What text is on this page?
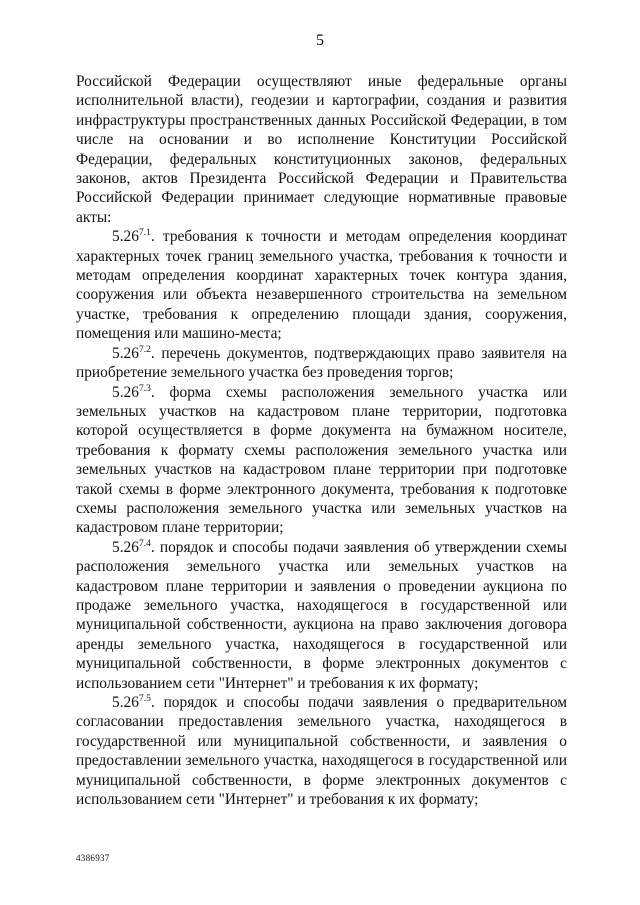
5

Российской Федерации осуществляют иные федеральные органы исполнительной власти), геодезии и картографии, создания и развития инфраструктуры пространственных данных Российской Федерации, в том числе на основании и во исполнение Конституции Российской Федерации, федеральных конституционных законов, федеральных законов, актов Президента Российской Федерации и Правительства Российской Федерации принимает следующие нормативные правовые акты:

$5.26^{7.1}$. требования к точности и методам определения координат характерных точек границ земельного участка, требования к точности и методам определения координат характерных точек контура здания, сооружения или объекта незавершенного строительства на земельном участке, требования к определению площади здания, сооружения, помещения или машино-места;

$5.26^{7.2}$. перечень документов, подтверждающих право заявителя на приобретение земельного участка без проведения торгов;

$5.26^{7.3}$. форма схемы расположения земельного участка или земельных участков на кадастровом плане территории, подготовка которой осуществляется в форме документа на бумажном носителе, требования к формату схемы расположения земельного участка или земельных участков на кадастровом плане территории при подготовке такой схемы в форме электронного документа, требования к подготовке схемы расположения земельного участка или земельных участков на кадастровом плане территории;

$5.26^{7.4}$. порядок и способы подачи заявления об утверждении схемы расположения земельного участка или земельных участков на кадастровом плане территории и заявления о проведении аукциона по продаже земельного участка, находящегося в государственной или муниципальной собственности, аукциона на право заключения договора аренды земельного участка, находящегося в государственной или муниципальной собственности, в форме электронных документов с использованием сети "Интернет" и требования к их формату;

$5.26^{7.5}$. порядок и способы подачи заявления о предварительном согласовании предоставления земельного участка, находящегося в государственной или муниципальной собственности, и заявления о предоставлении земельного участка, находящегося в государственной или муниципальной собственности, в форме электронных документов с использованием сети "Интернет" и требования к их формату;

4386937
